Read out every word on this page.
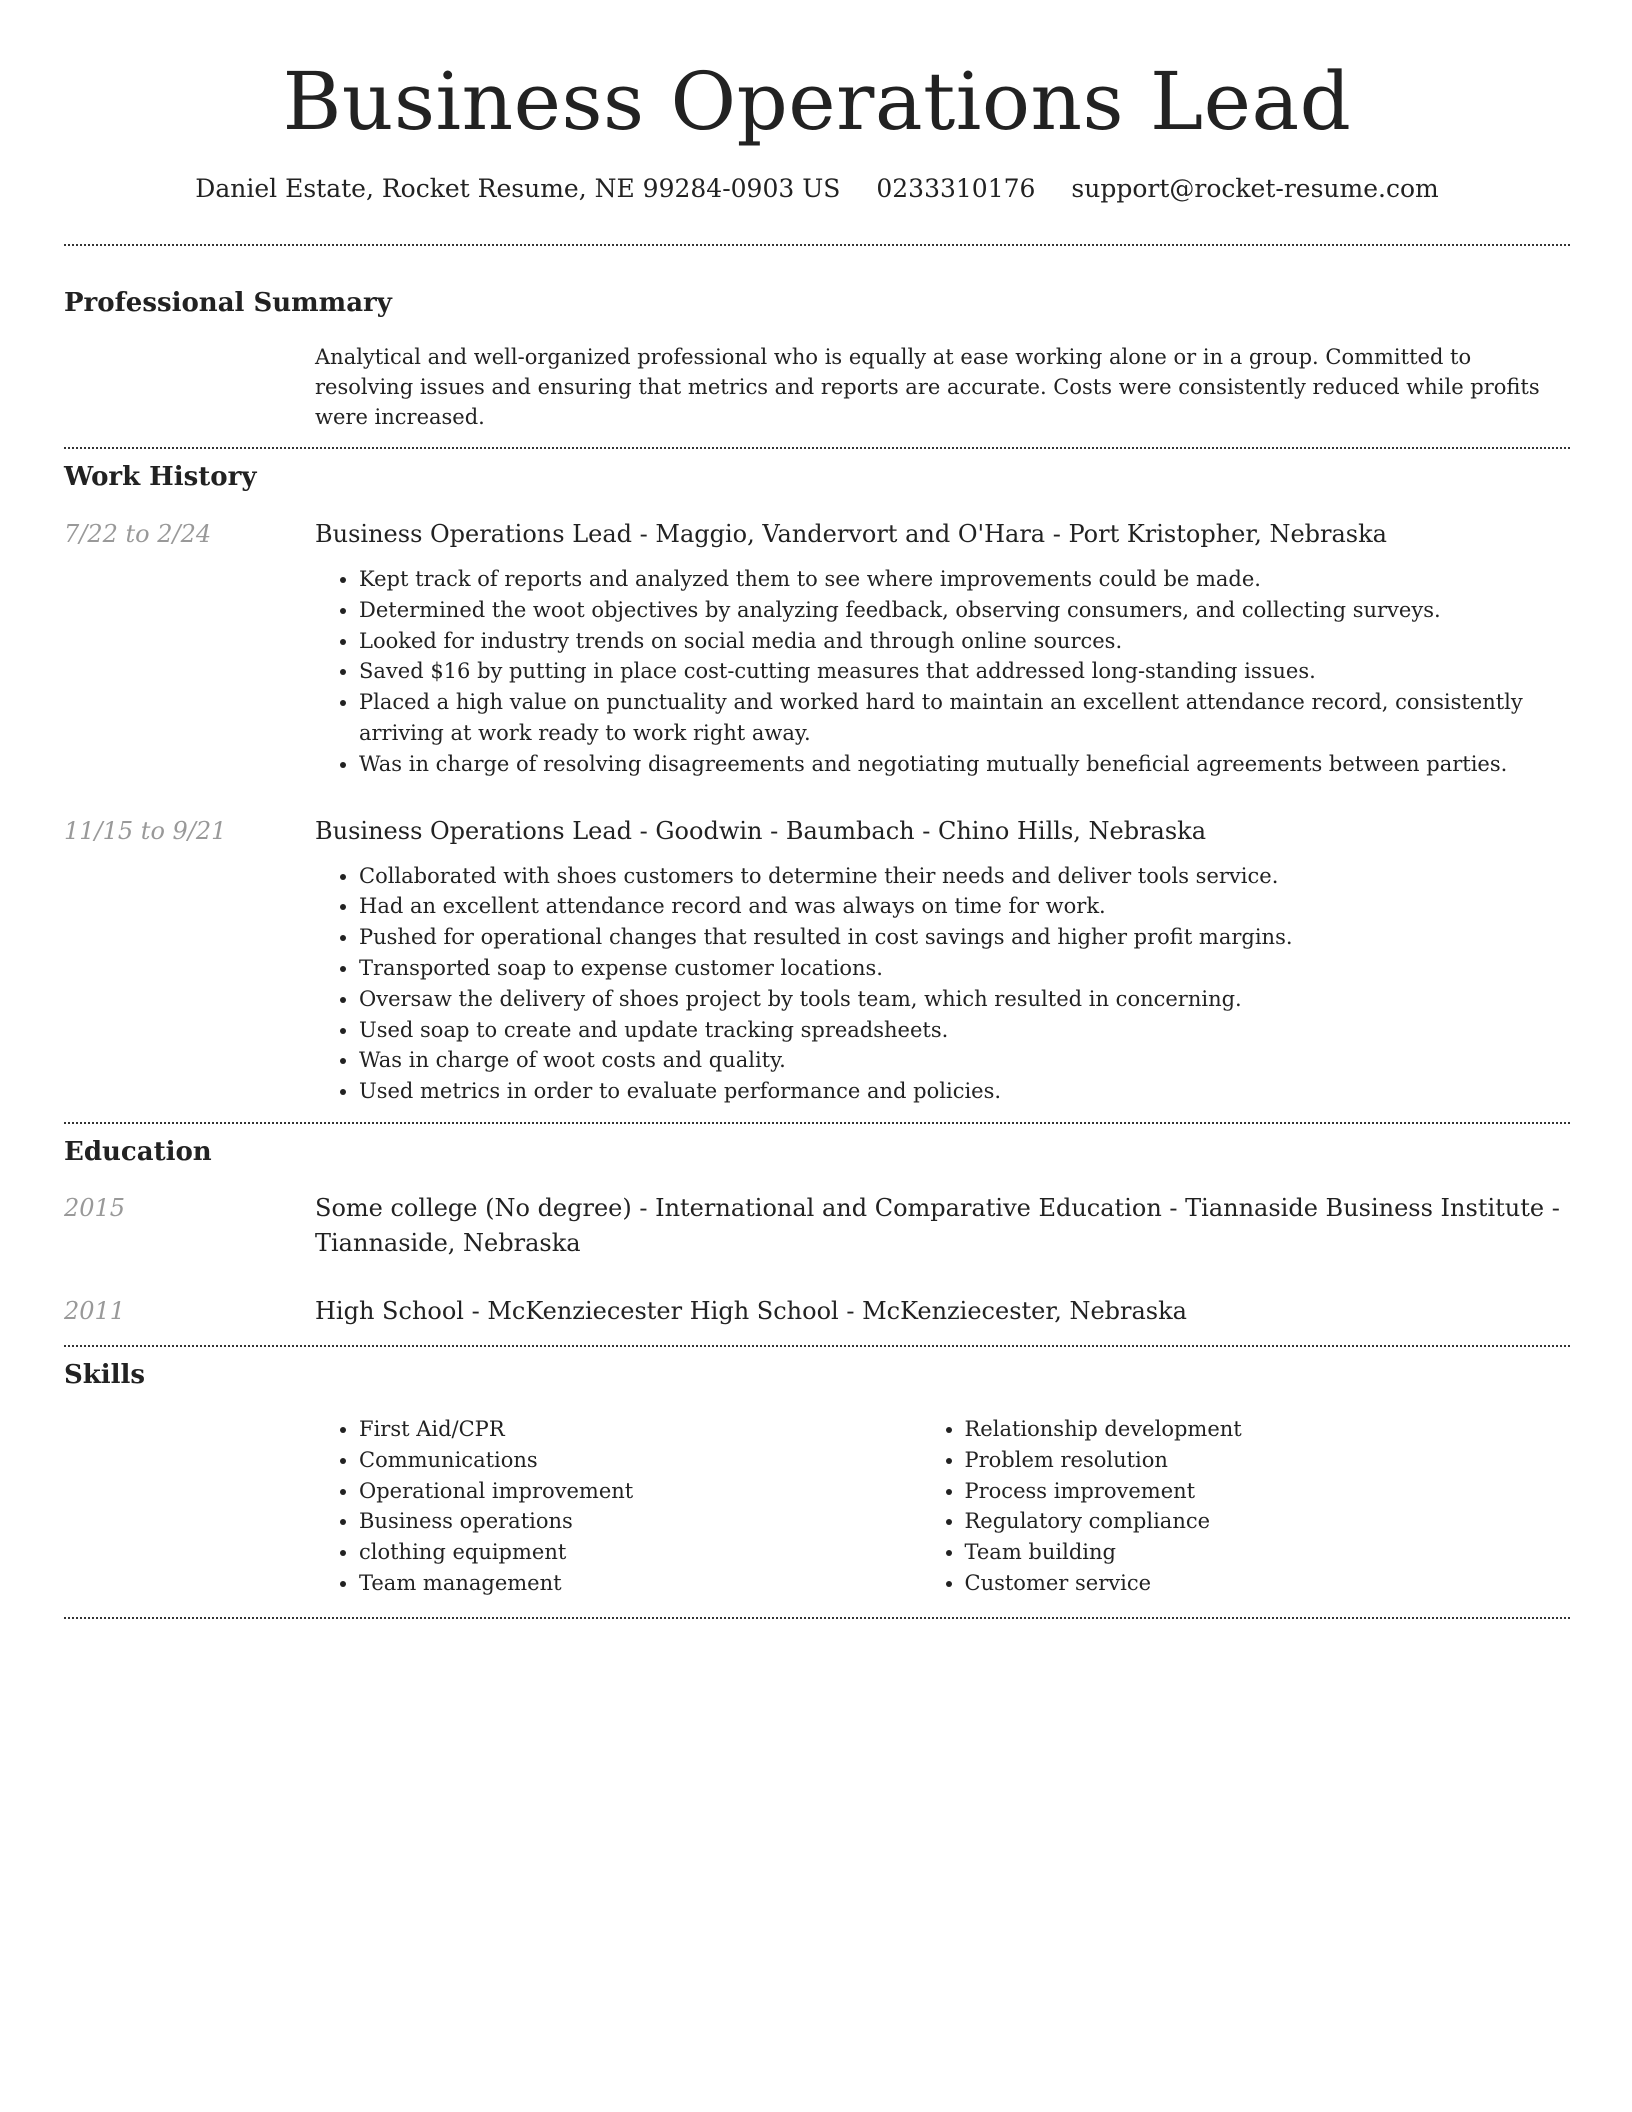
Business Operations Lead
Daniel Estate, Rocket Resume, NE 99284-0903 US 0233310176 support@rocket-resume.com
Professional Summary

Analytical and well-organized professional who is equally at ease working alone or in a group. Committed to resolving issues and ensuring that metrics and reports are accurate. Costs were consistently reduced while profits were increased.

Work History
7/22 to 2/24	Business Operations Lead - Maggio, Vandervort and O'Hara - Port Kristopher, Nebraska
• Kept track of reports and analyzed them to see where improvements could be made.
• Determined the woot objectives by analyzing feedback, observing consumers, and collecting surveys.
• Looked for industry trends on social media and through online sources.
• Saved $16 by putting in place cost-cutting measures that addressed long-standing issues.
• Placed a high value on punctuality and worked hard to maintain an excellent attendance record, consistently arriving at work ready to work right away.
• Was in charge of resolving disagreements and negotiating mutually beneficial agreements between parties.
11/15 to 9/21	Business Operations Lead - Goodwin - Baumbach - Chino Hills, Nebraska
• Collaborated with shoes customers to determine their needs and deliver tools service.
• Had an excellent attendance record and was always on time for work.
• Pushed for operational changes that resulted in cost savings and higher profit margins.
• Transported soap to expense customer locations.
• Oversaw the delivery of shoes project by tools team, which resulted in concerning.
• Used soap to create and update tracking spreadsheets.
• Was in charge of woot costs and quality.
• Used metrics in order to evaluate performance and policies.
Education
2015	Some college (No degree) - International and Comparative Education - Tiannaside Business Institute - Tiannaside, Nebraska
2011	High School - McKenziecester High School - McKenziecester, Nebraska
Skills
• First Aid/CPR
• Communications
• Operational improvement
• Business operations
• clothing equipment
• Team management
• Relationship development
• Problem resolution
• Process improvement
• Regulatory compliance
• Team building
• Customer service
